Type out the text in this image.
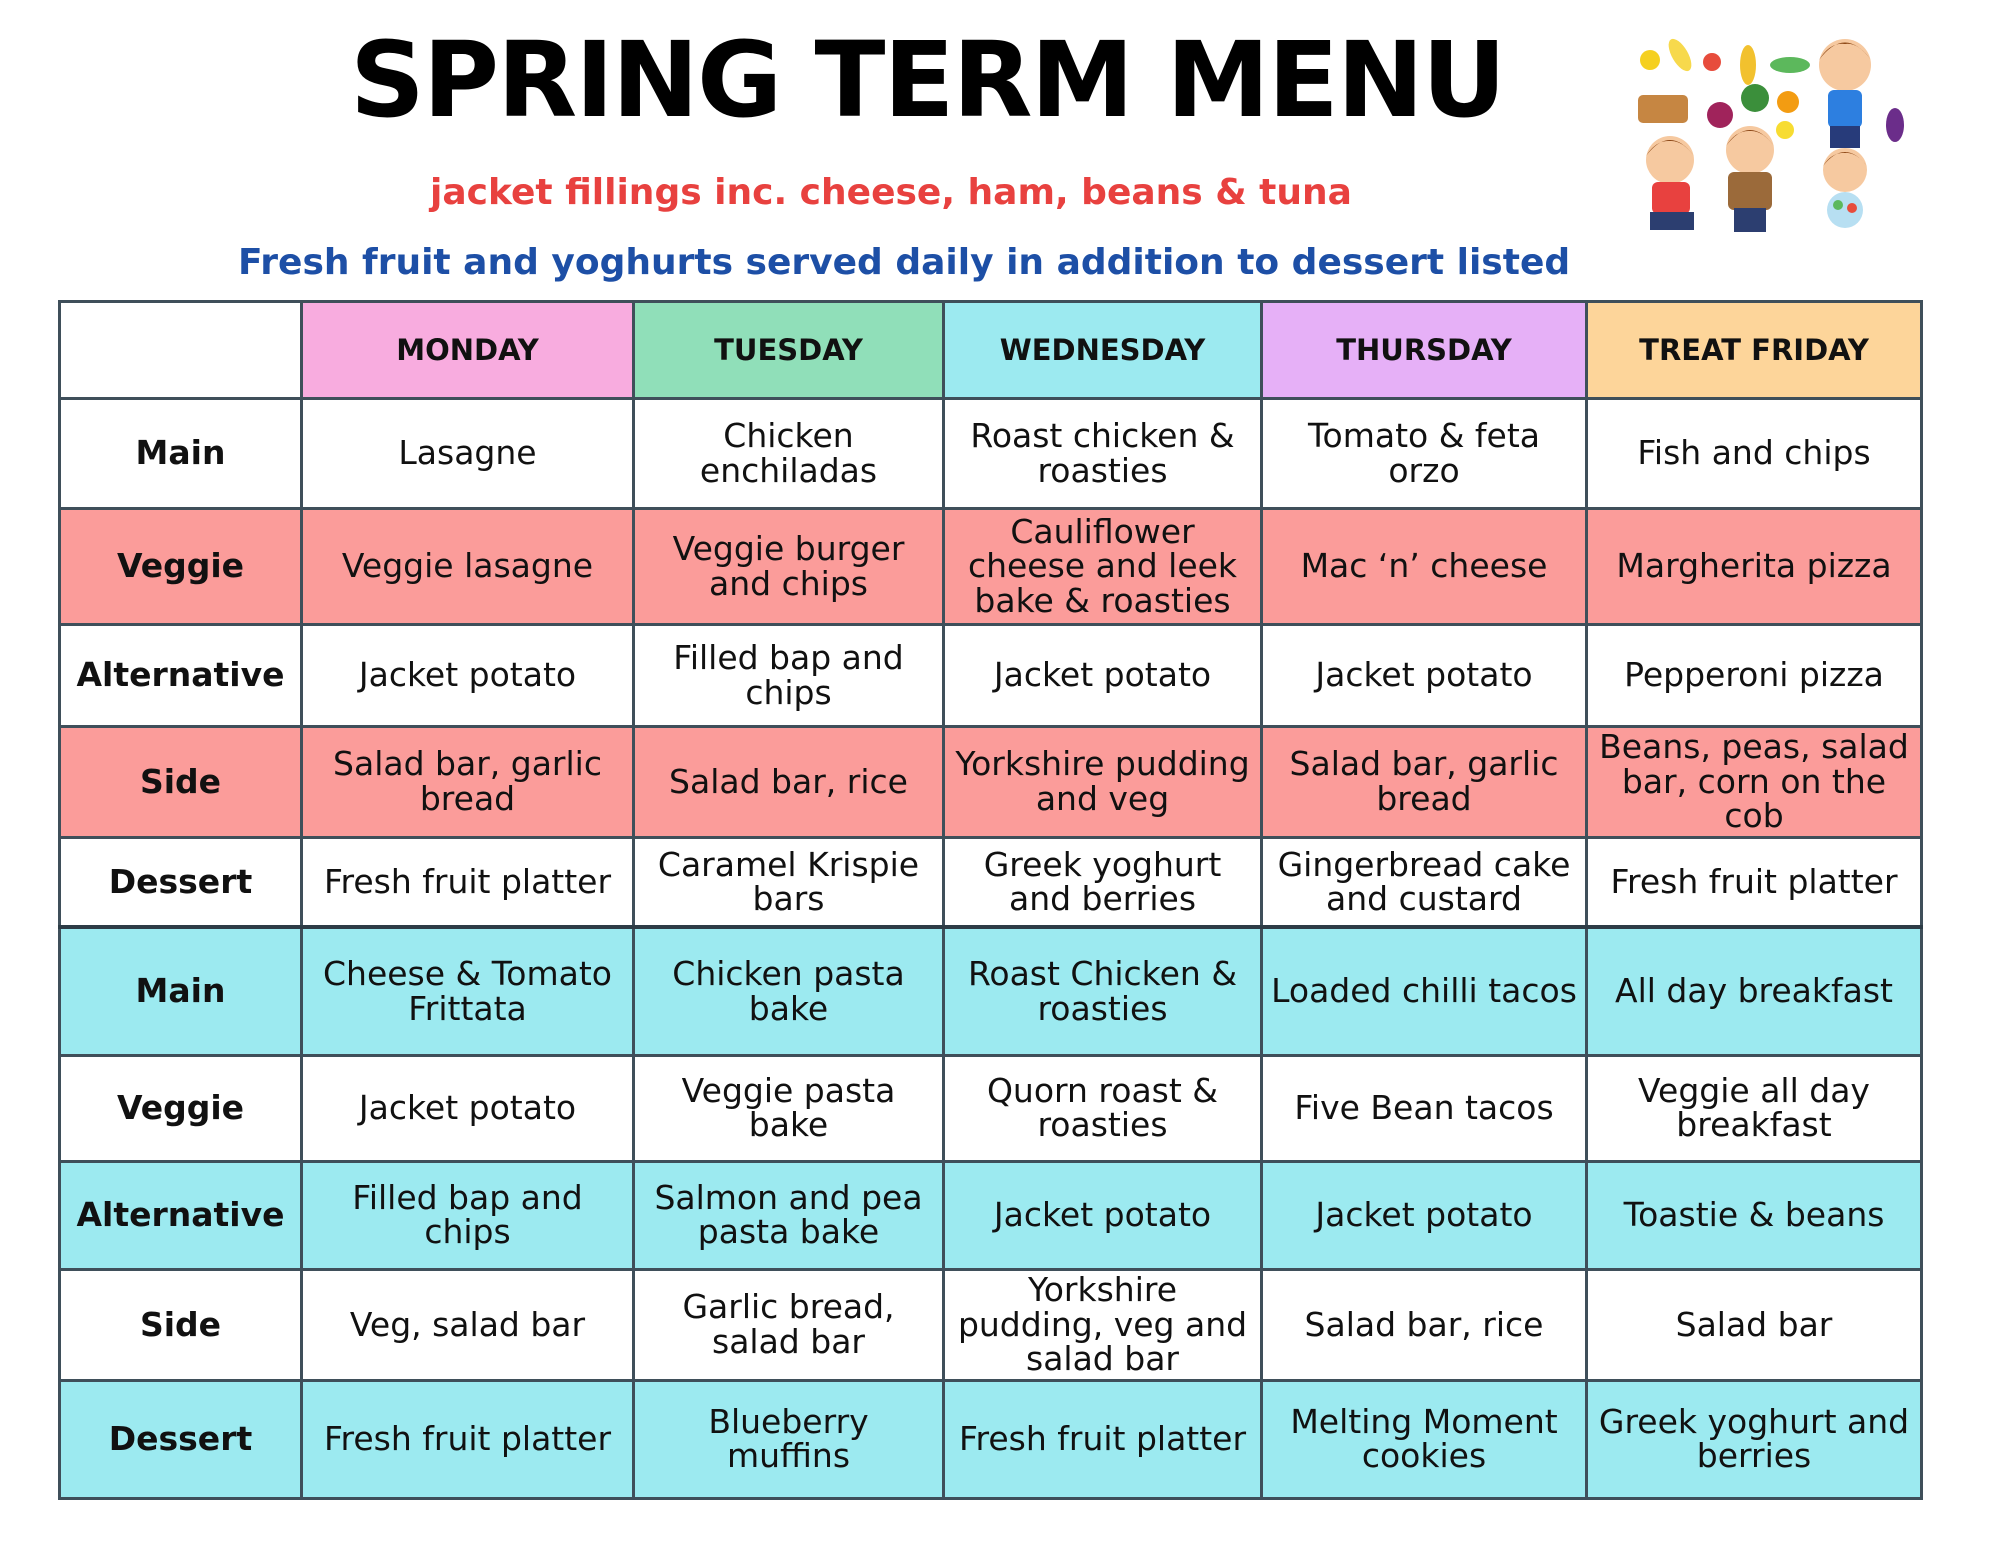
SPRING TERM MENU
jacket fillings inc. cheese, ham, beans & tuna
Fresh fruit and yoghurts served daily in addition to dessert listed
	MONDAY	TUESDAY	WEDNESDAY	THURSDAY	TREAT FRIDAY
Main	Lasagne	Chicken enchiladas	Roast chicken & roasties	Tomato & feta orzo	Fish and chips
Veggie	Veggie lasagne	Veggie burger and chips	Cauliflower cheese and leek bake & roasties	Mac ‘n’ cheese	Margherita pizza
Alternative	Jacket potato	Filled bap and chips	Jacket potato	Jacket potato	Pepperoni pizza
Side	Salad bar, garlic bread	Salad bar, rice	Yorkshire pudding and veg	Salad bar, garlic bread	Beans, peas, salad bar, corn on the cob
Dessert	Fresh fruit platter	Caramel Krispie bars	Greek yoghurt and berries	Gingerbread cake and custard	Fresh fruit platter
Main	Cheese & Tomato Frittata	Chicken pasta bake	Roast Chicken & roasties	Loaded chilli tacos	All day breakfast
Veggie	Jacket potato	Veggie pasta bake	Quorn roast & roasties	Five Bean tacos	Veggie all day breakfast
Alternative	Filled bap and chips	Salmon and pea pasta bake	Jacket potato	Jacket potato	Toastie & beans
Side	Veg, salad bar	Garlic bread, salad bar	Yorkshire pudding, veg and salad bar	Salad bar, rice	Salad bar
Dessert	Fresh fruit platter	Blueberry muffins	Fresh fruit platter	Melting Moment cookies	Greek yoghurt and berries
